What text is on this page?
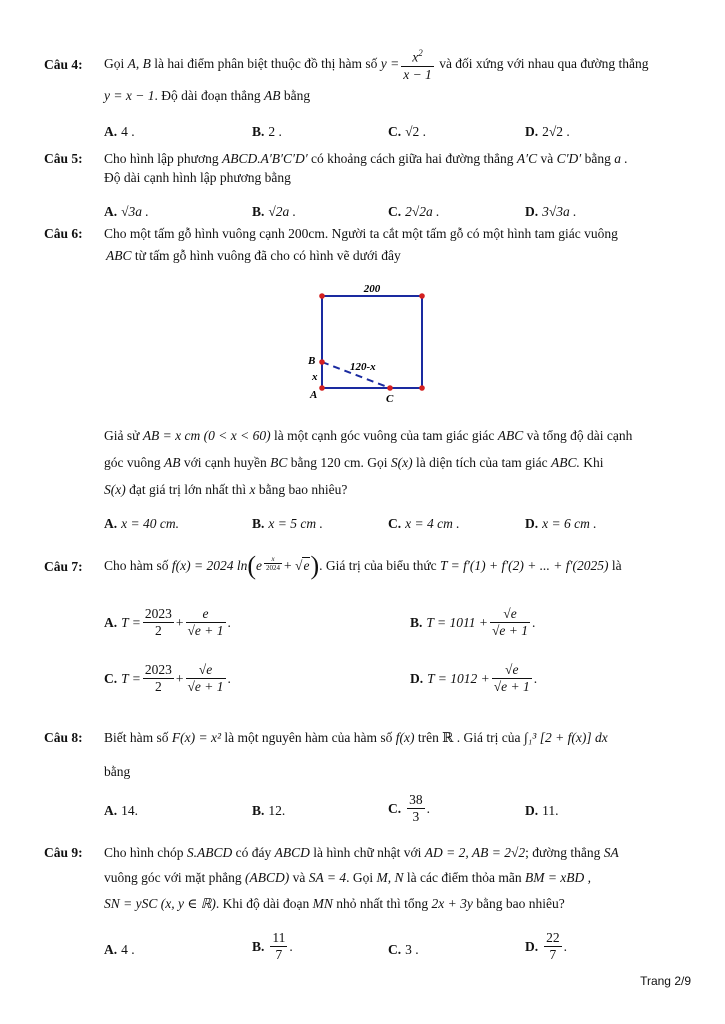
Câu 4: Gọi
A, B
là hai điểm phân biệt thuộc đồ thị hàm số
$y = \frac{x^2}{x - 1}$
và đối xứng với nhau qua đường thẳng
y = x − 1. Độ dài đoạn thẳng AB bằng
A. 4 .	B. 2 .	C. √2 .	D. 2√2 .
Câu 5: Cho hình lập phương ABCD.A′B′C′D′ có khoảng cách giữa hai đường thẳng A′C và C′D′ bằng a .
Độ dài cạnh hình lập phương bằng
A. √3a .	B. √2a .	C. 2√2a .	D. 3√3a .
Câu 6: Cho một tấm gỗ hình vuông cạnh 200cm. Người ta cắt một tấm gỗ có một hình tam giác vuông
ABC từ tấm gỗ hình vuông đã cho có hình vẽ dưới đây
200
120-x
x
B
A	C
Giả sử AB = x cm (0 < x < 60) là một cạnh góc vuông của tam giác giác ABC và tổng độ dài cạnh
góc vuông AB với cạnh huyền BC bằng 120 cm. Gọi S(x) là diện tích của tam giác ABC. Khi
S(x) đạt giá trị lớn nhất thì x bằng bao nhiêu?
A. x = 40 cm.	B. x = 5 cm .	C. x = 4 cm .	D. x = 6 cm .
Câu 7: Cho hàm số
f(x) = 2024 ln ( e $\frac{x}{2024} + √e$ ) . Giá trị của biểu thức
T = f′(1) + f′(2) + ... + f′(2025)
là
A. $T = \frac{2023}{2} + \frac{e}{√e + 1}$ .	B. $T = 1011 + \frac{√e}{√e + 1}$ .
C. $T = \frac{2023}{2} + \frac{√e}{√e + 1}$ .	D. $T = 1012 + \frac{√e}{√e + 1}$ .
Câu 8: Biết hàm số F(x) = x² là một nguyên hàm của hàm số f(x) trên ℝ . Giá trị của ∫₁³ [2 + f(x)] dx
bằng
A. 14.	B. 12.	C. $\frac{38}{3}$ .	D. 11.
Câu 9: Cho hình chóp S.ABCD có đáy ABCD là hình chữ nhật với AD = 2, AB = 2√2; đường thẳng SA
vuông góc với mặt phẳng (ABCD) và SA = 4. Gọi M, N là các điểm thỏa mãn BM = xBD ,
SN = ySC (x, y ∈ ℝ). Khi độ dài đoạn MN nhỏ nhất thì tổng 2x + 3y bằng bao nhiêu?
A. 4 .	B. $\frac{11}{7}$ .	C. 3 .	D. $\frac{22}{7}$ .
Trang 2/9
